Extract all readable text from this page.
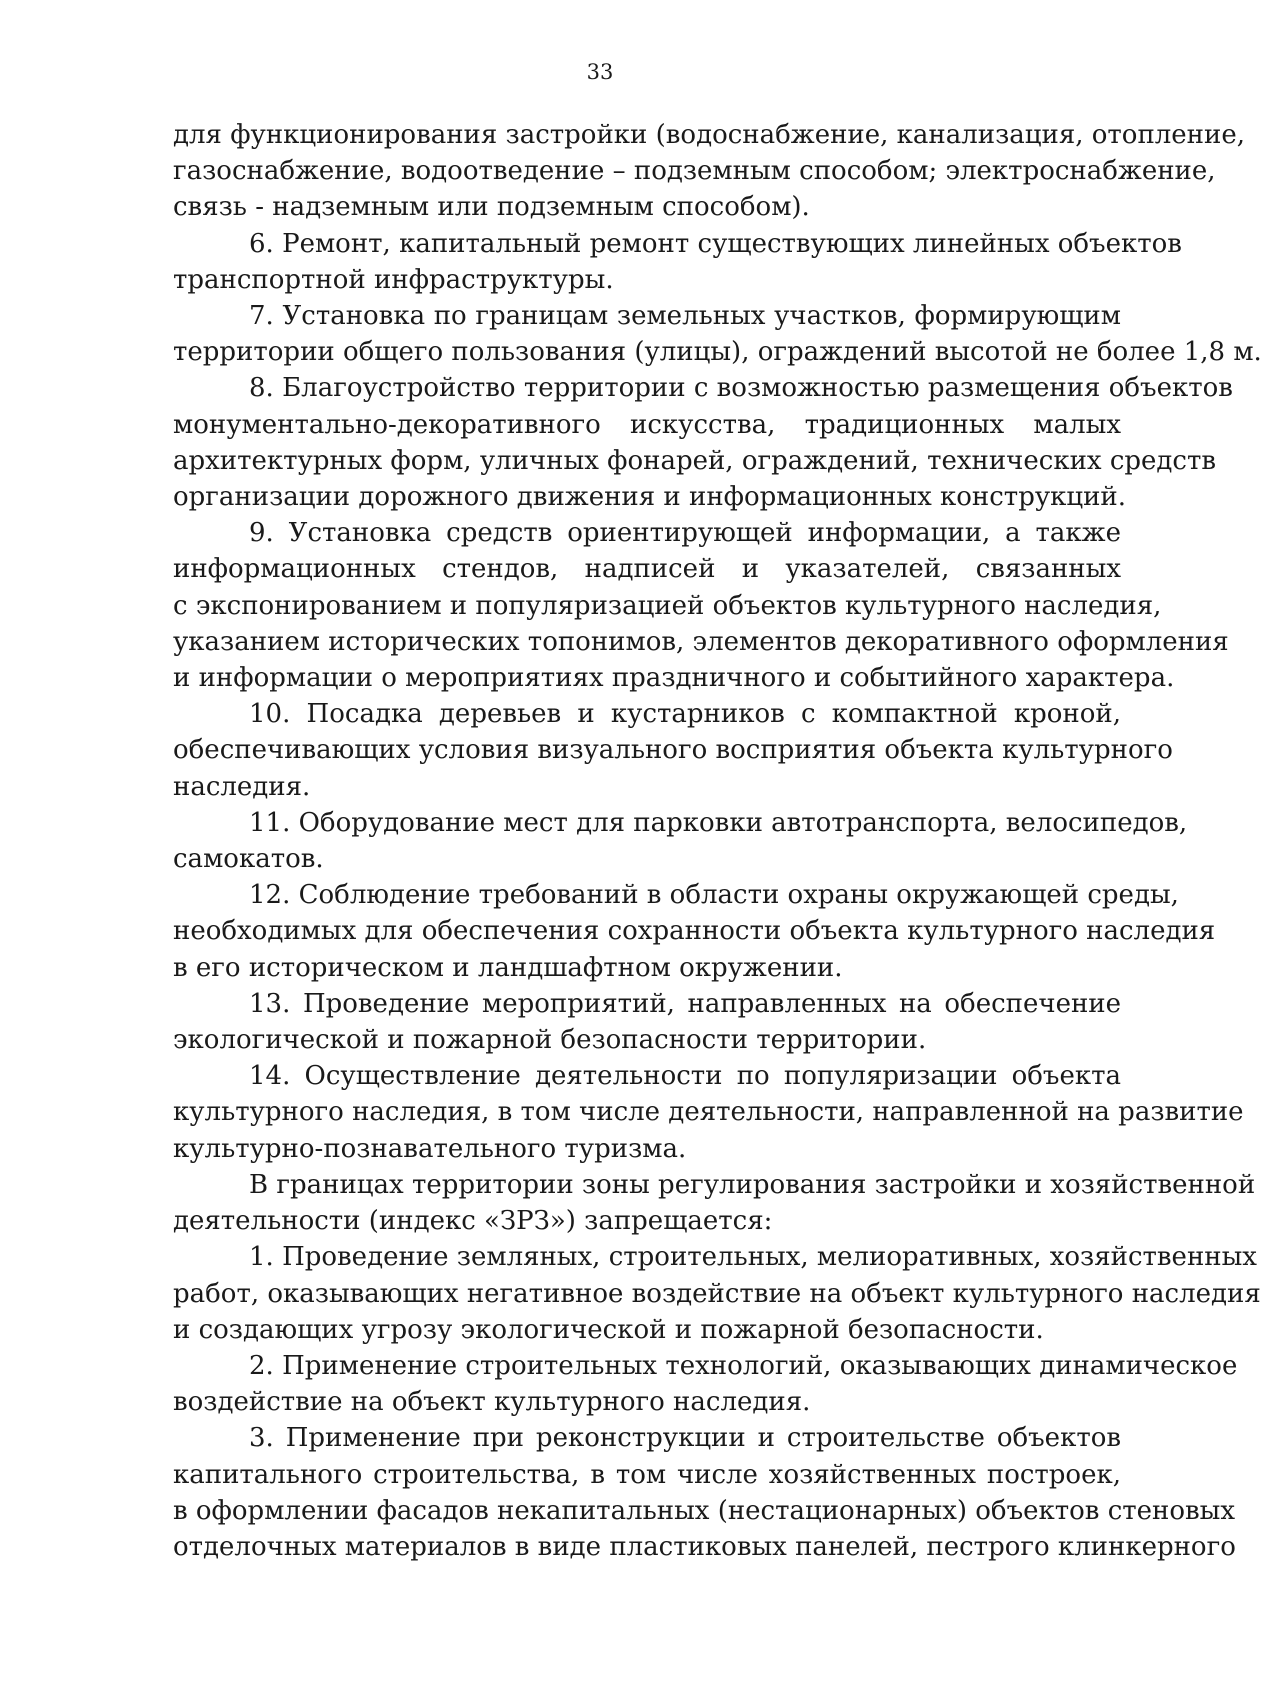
33
для функционирования застройки (водоснабжение, канализация, отопление,
газоснабжение, водоотведение – подземным способом; электроснабжение,
связь - надземным или подземным способом).
6. Ремонт, капитальный ремонт существующих линейных объектов
транспортной инфраструктуры.
7. Установка по границам земельных участков, формирующим
территории общего пользования (улицы), ограждений высотой не более 1,8 м.
8. Благоустройство территории с возможностью размещения объектов
монументально-декоративного искусства, традиционных малых
архитектурных форм, уличных фонарей, ограждений, технических средств
организации дорожного движения и информационных конструкций.
9. Установка средств ориентирующей информации, а также
информационных стендов, надписей и указателей, связанных
с экспонированием и популяризацией объектов культурного наследия,
указанием исторических топонимов, элементов декоративного оформления
и информации о мероприятиях праздничного и событийного характера.
10. Посадка деревьев и кустарников с компактной кроной,
обеспечивающих условия визуального восприятия объекта культурного
наследия.
11. Оборудование мест для парковки автотранспорта, велосипедов,
самокатов.
12. Соблюдение требований в области охраны окружающей среды,
необходимых для обеспечения сохранности объекта культурного наследия
в его историческом и ландшафтном окружении.
13. Проведение мероприятий, направленных на обеспечение
экологической и пожарной безопасности территории.
14. Осуществление деятельности по популяризации объекта
культурного наследия, в том числе деятельности, направленной на развитие
культурно-познавательного туризма.
В границах территории зоны регулирования застройки и хозяйственной
деятельности (индекс «ЗРЗ») запрещается:
1. Проведение земляных, строительных, мелиоративных, хозяйственных
работ, оказывающих негативное воздействие на объект культурного наследия
и создающих угрозу экологической и пожарной безопасности.
2. Применение строительных технологий, оказывающих динамическое
воздействие на объект культурного наследия.
3. Применение при реконструкции и строительстве объектов
капитального строительства, в том числе хозяйственных построек,
в оформлении фасадов некапитальных (нестационарных) объектов стеновых
отделочных материалов в виде пластиковых панелей, пестрого клинкерного
